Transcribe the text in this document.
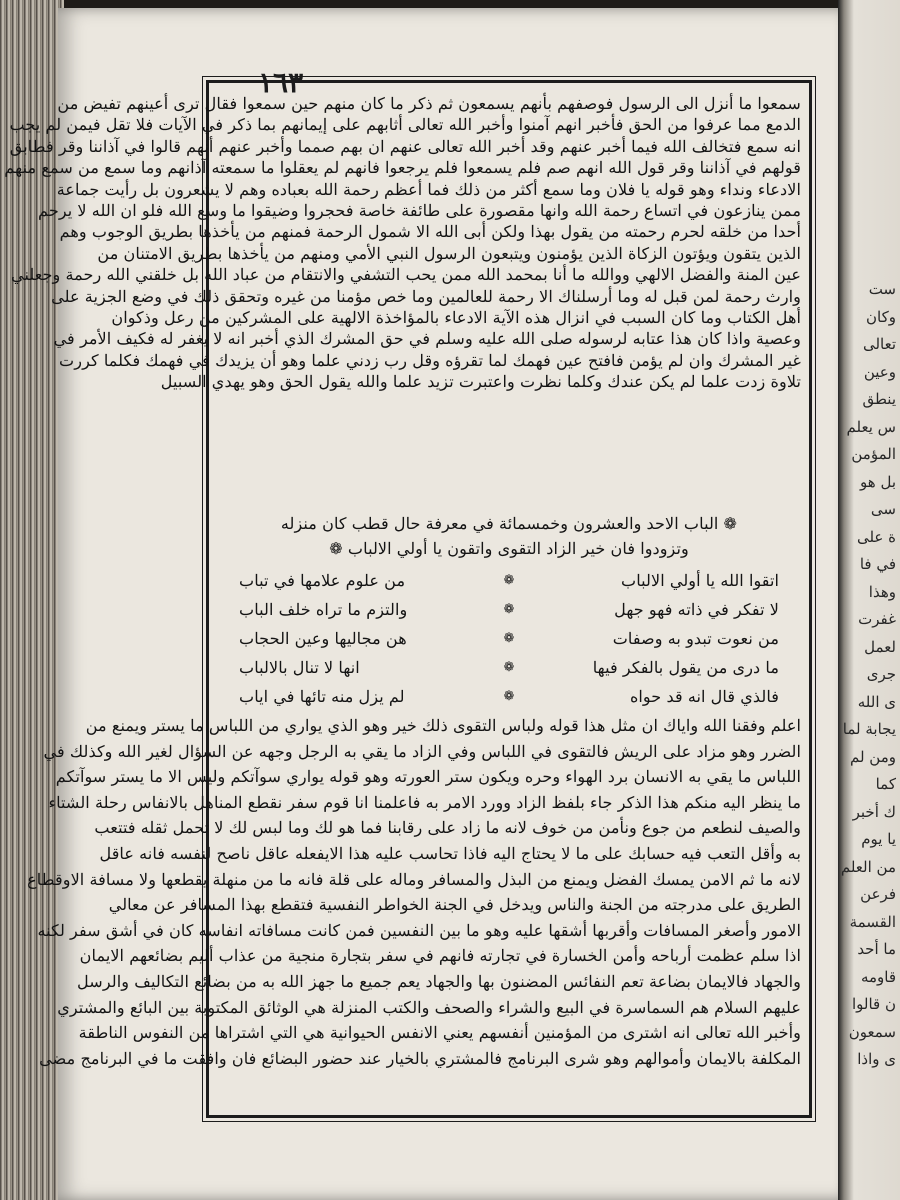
ست
وكان
تعالى
وعين
ينطق
س يعلم
المؤمن
بل هو
سى
ة على
في فا
وهذا
غفرت
لعمل
جرى
ى الله
يجابة لما
ومن لم
كما
ك أخبر
يا يوم
من العلم
فرعن
القسمة
ما أحد
قاومه
ن قالوا
سمعون
ى واذا
١٦٣
سمعوا ما أنزل الى الرسول فوصفهم بأنهم يسمعون ثم ذكر ما كان منهم حين سمعوا فقال ترى أعينهم تفيض من
الدمع مما عرفوا من الحق فأخبر انهم آمنوا وأخبر الله تعالى أثابهم على إيمانهم بما ذكر في الآيات فلا تقل فيمن لم يجب
انه سمع فتخالف الله فيما أخبر عنهم وقد أخبر الله تعالى عنهم ان بهم صمما وأخبر عنهم أنهم قالوا في آذاننا وقر فطابق
قولهم في آذاننا وقر قول الله انهم صم فلم يسمعوا فلم يرجعوا فانهم لم يعقلوا ما سمعته آذانهم وما سمع من سمع منهم
الادعاء ونداء وهو قوله يا فلان وما سمع أكثر من ذلك فما أعظم رحمة الله بعباده وهم لا يشعرون بل رأيت جماعة
ممن ينازعون في اتساع رحمة الله وانها مقصورة على طائفة خاصة فحجروا وضيقوا ما وسع الله فلو ان الله لا يرحم
أحدا من خلقه لحرم رحمته من يقول بهذا ولكن أبى الله الا شمول الرحمة فمنهم من يأخذها بطريق الوجوب وهم
الذين يتقون ويؤتون الزكاة الذين يؤمنون ويتبعون الرسول النبي الأمي ومنهم من يأخذها بطريق الامتنان من
عين المنة والفضل الالهي ووالله ما أنا بمحمد الله ممن يحب التشفي والانتقام من عباد الله بل خلقني الله رحمة وجعلني
وارث رحمة لمن قبل له وما أرسلناك الا رحمة للعالمين وما خص مؤمنا من غيره وتحقق ذلك في وضع الجزية على
أهل الكتاب وما كان السبب في انزال هذه الآية الادعاء بالمؤاخذة الالهية على المشركين من رعل وذكوان
وعصية واذا كان هذا عتابه لرسوله صلى الله عليه وسلم في حق المشرك الذي أخبر انه لا يغفر له فكيف الأمر في
غير المشرك وان لم يؤمن فافتح عين فهمك لما تقرؤه وقل رب زدني علما وهو أن يزيدك في فهمك فكلما كررت
تلاوة زدت علما لم يكن عندك وكلما نظرت واعتبرت تزيد علما والله يقول الحق وهو يهدي السبيل
❁ الباب الاحد والعشرون وخمسمائة في معرفة حال قطب كان منزله
وتزودوا فان خير الزاد التقوى واتقون يا أولي الالباب ❁
اتقوا الله يا أولي الالباب
❁
من علوم علامها في تباب
لا تفكر في ذاته فهو جهل
❁
والتزم ما تراه خلف الباب
من نعوت تبدو به وصفات
❁
هن مجاليها وعين الحجاب
ما درى من يقول بالفكر فيها
❁
انها لا تنال بالالباب
فالذي قال انه قد حواه
❁
لم يزل منه تائها في اياب
اعلم وفقنا الله واياك ان مثل هذا قوله ولباس التقوى ذلك خير وهو الذي يواري من اللباس ما يستر ويمنع من
الضرر وهو مزاد على الريش فالتقوى في اللباس وفي الزاد ما يقي به الرجل وجهه عن السؤال لغير الله وكذلك في
اللباس ما يقي به الانسان برد الهواء وحره ويكون ستر العورته وهو قوله يواري سوآتكم وليس الا ما يستر سوآتكم
ما ينظر اليه منكم هذا الذكر جاء بلفظ الزاد وورد الامر به فاعلمنا انا قوم سفر نقطع المناهل بالانفاس رحلة الشتاء
والصيف لنطعم من جوع ونأمن من خوف لانه ما زاد على رقابنا فما هو لك وما لبس لك لا تحمل ثقله فتتعب
به وأقل التعب فيه حسابك على ما لا يحتاج اليه فاذا تحاسب عليه هذا الايفعله عاقل ناصح لنفسه فانه عاقل
لانه ما ثم الامن يمسك الفضل ويمنع من البذل والمسافر وماله على قلة فانه ما من منهلة يقطعها ولا مسافة الاوقطاع
الطريق على مدرجته من الجنة والناس ويدخل في الجنة الخواطر النفسية فتقطع بهذا المسافر عن معالي
الامور وأصغر المسافات وأقربها أشقها عليه وهو ما بين النفسين فمن كانت مسافاته انفاسه كان في أشق سفر لكنه
اذا سلم عظمت أرباحه وأمن الخسارة في تجارته فانهم في سفر بتجارة منجية من عذاب أليم بضائعهم الايمان
والجهاد فالايمان بضاعة تعم النفائس المضنون بها والجهاد يعم جميع ما جهز الله به من بضائع التكاليف والرسل
عليهم السلام هم السماسرة في البيع والشراء والصحف والكتب المنزلة هي الوثائق المكتوبة بين البائع والمشتري
وأخبر الله تعالى انه اشترى من المؤمنين أنفسهم يعني الانفس الحيوانية هي التي اشتراها من النفوس الناطقة
المكلفة بالايمان وأموالهم وهو شرى البرنامج فالمشتري بالخيار عند حضور البضائع فان وافقت ما في البرنامج مضى
